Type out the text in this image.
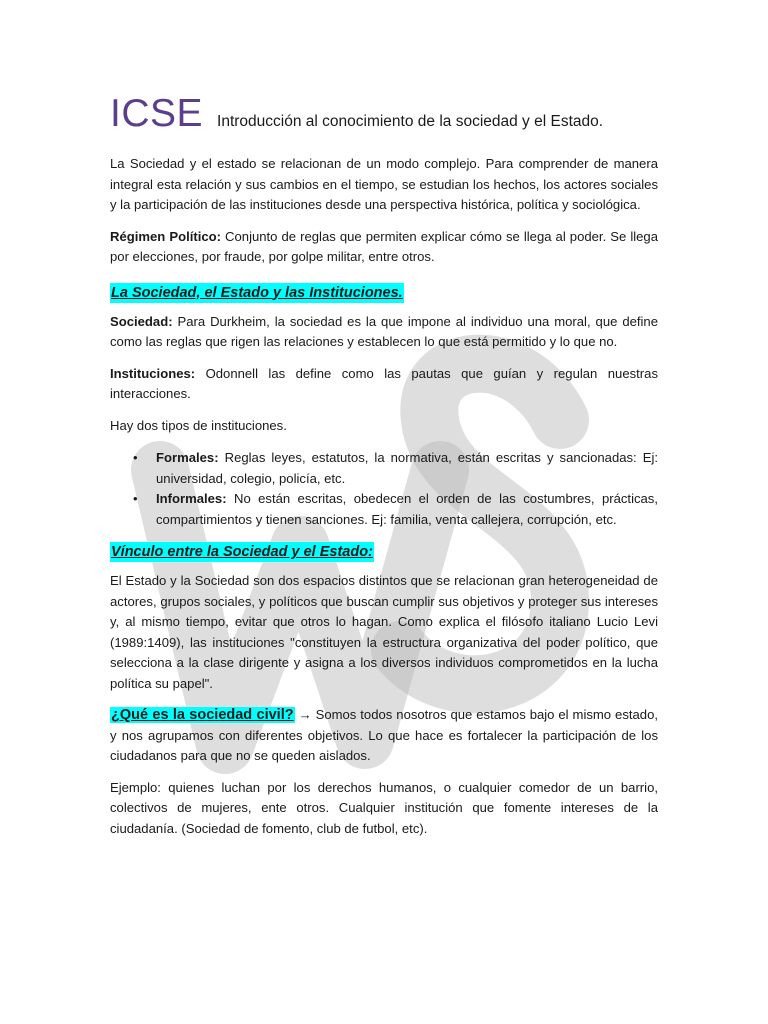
ICSE Introducción al conocimiento de la sociedad y el Estado.

La Sociedad y el estado se relacionan de un modo complejo. Para comprender de manera integral esta relación y sus cambios en el tiempo, se estudian los hechos, los actores sociales y la participación de las instituciones desde una perspectiva histórica, política y sociológica.

Régimen Político: Conjunto de reglas que permiten explicar cómo se llega al poder. Se llega por elecciones, por fraude, por golpe militar, entre otros.

La Sociedad, el Estado y las Instituciones.

Sociedad: Para Durkheim, la sociedad es la que impone al individuo una moral, que define como las reglas que rigen las relaciones y establecen lo que está permitido y lo que no.

Instituciones: Odonnell las define como las pautas que guían y regulan nuestras interacciones.

Hay dos tipos de instituciones.

• Formales: Reglas leyes, estatutos, la normativa, están escritas y sancionadas: Ej: universidad, colegio, policía, etc.
• Informales: No están escritas, obedecen el orden de las costumbres, prácticas, compartimientos y tienen sanciones. Ej: familia, venta callejera, corrupción, etc.
Vínculo entre la Sociedad y el Estado:

El Estado y la Sociedad son dos espacios distintos que se relacionan gran heterogeneidad de actores, grupos sociales, y políticos que buscan cumplir sus objetivos y proteger sus intereses y, al mismo tiempo, evitar que otros lo hagan. Como explica el filósofo italiano Lucio Levi (1989:1409), las instituciones "constituyen la estructura organizativa del poder político, que selecciona a la clase dirigente y asigna a los diversos individuos comprometidos en la lucha política su papel".

¿Qué es la sociedad civil? → Somos todos nosotros que estamos bajo el mismo estado, y nos agrupamos con diferentes objetivos. Lo que hace es fortalecer la participación de los ciudadanos para que no se queden aislados.

Ejemplo: quienes luchan por los derechos humanos, o cualquier comedor de un barrio, colectivos de mujeres, ente otros. Cualquier institución que fomente intereses de la ciudadanía. (Sociedad de fomento, club de futbol, etc).
